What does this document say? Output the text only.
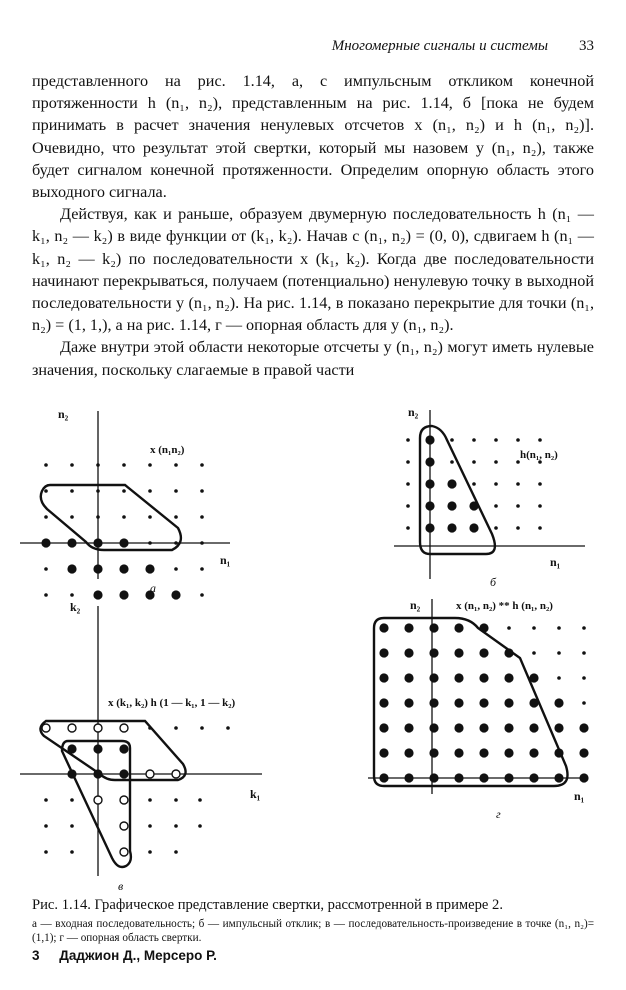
Многомерные сигналы и системы 33

представленного на рис. 1.14, а, с импульсным откликом конечной протяженности h (n₁, n₂), представленным на рис. 1.14, б [пока не будем принимать в расчет значения ненулевых отсчетов x (n₁, n₂) и h (n₁, n₂)]. Очевидно, что результат этой свертки, который мы назовем y (n₁, n₂), также будет сигналом конечной протяженности. Определим опорную область этого выходного сигнала.

Действуя, как и раньше, образуем двумерную последовательность h (n₁ — k₁, n₂ — k₂) в виде функции от (k₁, k₂). Начав с (n₁, n₂) = (0, 0), сдвигаем h (n₁ — k₁, n₂ — k₂) по последовательности x (k₁, k₂). Когда две последовательности начинают перекрываться, получаем (потенциально) ненулевую точку в выходной последовательности y (n₁, n₂). На рис. 1.14, в показано перекрытие для точки (n₁, n₂) = (1, 1,), а на рис. 1.14, г — опорная область для y (n₁, n₂).

Даже внутри этой области некоторые отсчеты y (n₁, n₂) могут иметь нулевые значения, поскольку слагаемые в правой части

n₂
n₁
x (n₁n₂)
а
n₂
n₁
h(n₁, n₂)
б
k₂
k₁
x (k₁, k₂) h (1 — k₁, 1 — k₂)
в
n₂
n₁
x (n₁, n₂) ** h (n₁, n₂)
г
Рис. 1.14. Графическое представление свертки, рассмотренной в примере 2.
а — входная последовательность; б — импульсный отклик; в — последовательность-произведение в точке (n₁, n₂)=(1,1); г — опорная область свертки.
3 Даджион Д., Мерсеро Р.
